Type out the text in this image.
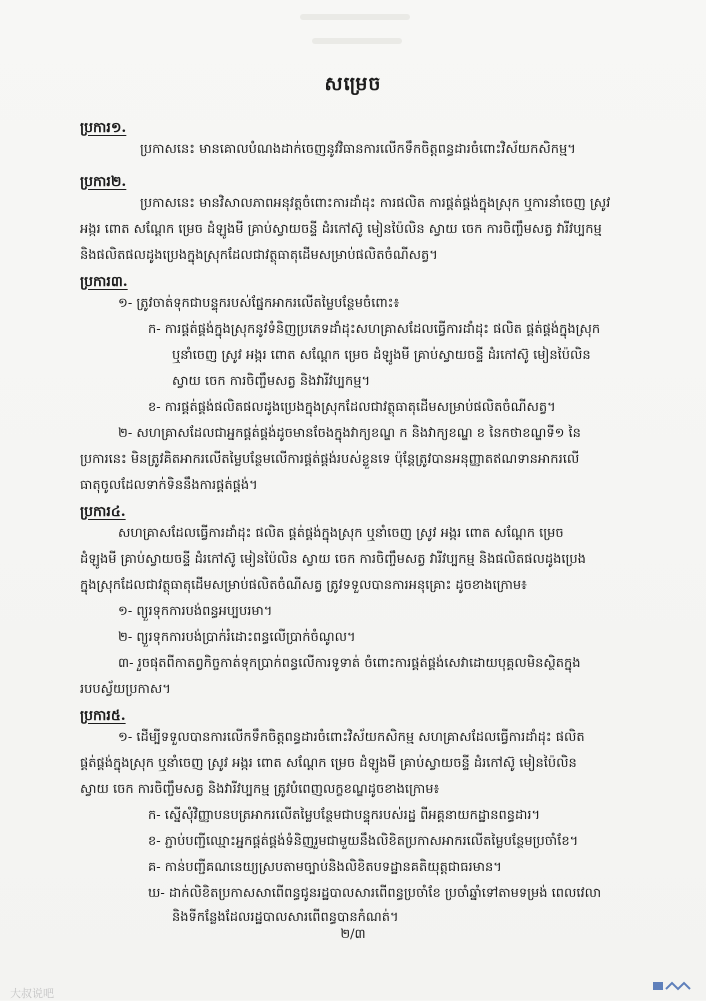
សម្រេច
ប្រការ១.
ប្រកាសនេះ មានគោលបំណងដាក់ចេញនូវវិធានការលើកទឹកចិត្តពន្ធដារចំពោះវិស័យកសិកម្ម។
ប្រការ២.
ប្រកាសនេះ មានវិសាលភាពអនុវត្តចំពោះការដាំដុះ ការផលិត ការផ្គត់ផ្គង់ក្នុងស្រុក ឬការនាំចេញ ស្រូវ
អង្ករ ពោត សណ្តែក ម្រេច ដំឡូងមី គ្រាប់ស្វាយចន្ទី ដំរកៅស៊ូ មៀនប៉ៃលិន ស្វាយ ចេក ការចិញ្ចឹមសត្វ វារីវប្បកម្ម
និងផលិតផលដូងប្រេងក្នុងស្រុកដែលជាវត្ថុធាតុដើមសម្រាប់ផលិតចំណីសត្វ។
ប្រការ៣.
១- ត្រូវចាត់ទុកជាបន្ទុករបស់ផ្នែកអាករលើតម្លៃបន្ថែមចំពោះ៖
ក- ការផ្គត់ផ្គង់ក្នុងស្រុកនូវទំនិញប្រភេទដាំដុះសហគ្រាសដែលធ្វើការដាំដុះ ផលិត ផ្គត់ផ្គង់ក្នុងស្រុក
ឬនាំចេញ ស្រូវ អង្ករ ពោត សណ្តែក ម្រេច ដំឡូងមី គ្រាប់ស្វាយចន្ទី ដំរកៅស៊ូ មៀនប៉ៃលិន
ស្វាយ ចេក ការចិញ្ចឹមសត្វ និងវារីវប្បកម្ម។
ខ- ការផ្គត់ផ្គង់ផលិតផលដូងប្រេងក្នុងស្រុកដែលជាវត្ថុធាតុដើមសម្រាប់ផលិតចំណីសត្វ។
២- សហគ្រាសដែលជាអ្នកផ្គត់ផ្គង់ដូចមានចែងក្នុងវាក្យខណ្ឌ ក និងវាក្យខណ្ឌ ខ នៃកថាខណ្ឌទី១ នៃ
ប្រការនេះ មិនត្រូវគិតអាករលើតម្លៃបន្ថែមលើការផ្គត់ផ្គង់របស់ខ្លួនទេ ប៉ុន្តែត្រូវបានអនុញ្ញាតឥណទានអាករលើ
ធាតុចូលដែលទាក់ទិននឹងការផ្គត់ផ្គង់។
ប្រការ៤.
សហគ្រាសដែលធ្វើការដាំដុះ ផលិត ផ្គត់ផ្គង់ក្នុងស្រុក ឬនាំចេញ ស្រូវ អង្ករ ពោត សណ្តែក ម្រេច
ដំឡូងមី គ្រាប់ស្វាយចន្ទី ដំរកៅស៊ូ មៀនប៉ៃលិន ស្វាយ ចេក ការចិញ្ចឹមសត្វ វារីវប្បកម្ម និងផលិតផលដូងប្រេង
ក្នុងស្រុកដែលជាវត្ថុធាតុដើមសម្រាប់ផលិតចំណីសត្វ ត្រូវទទួលបានការអនុគ្រោះ ដូចខាងក្រោម៖
១- ព្យួរទុកការបង់ពន្ធអប្បបរមា។
២- ព្យួរទុកការបង់ប្រាក់រំដោះពន្ធលើប្រាក់ចំណូល។
៣- រួចផុតពីកាតព្វកិច្ចកាត់ទុកប្រាក់ពន្ធលើការទូទាត់ ចំពោះការផ្គត់ផ្គង់សេវាដោយបុគ្គលមិនស្ថិតក្នុង
របបស្វ័យប្រកាស។
ប្រការ៥.
១- ដើម្បីទទួលបានការលើកទឹកចិត្តពន្ធដារចំពោះវិស័យកសិកម្ម សហគ្រាសដែលធ្វើការដាំដុះ ផលិត
ផ្គត់ផ្គង់ក្នុងស្រុក ឬនាំចេញ ស្រូវ អង្ករ ពោត សណ្តែក ម្រេច ដំឡូងមី គ្រាប់ស្វាយចន្ទី ដំរកៅស៊ូ មៀនប៉ៃលិន
ស្វាយ ចេក ការចិញ្ចឹមសត្វ និងវារីវប្បកម្ម ត្រូវបំពេញលក្ខខណ្ឌដូចខាងក្រោម៖
ក- ស្នើសុំវិញ្ញាបនបត្រអាករលើតម្លៃបន្ថែមជាបន្ទុករបស់រដ្ឋ ពីអគ្គនាយកដ្ឋានពន្ធដារ។
ខ- ភ្ជាប់បញ្ជីឈ្មោះអ្នកផ្គត់ផ្គង់ទំនិញរួមជាមួយនឹងលិខិតប្រកាសអាករលើតម្លៃបន្ថែមប្រចាំខែ។
គ- កាន់បញ្ជីគណនេយ្យស្របតាមច្បាប់និងលិខិតបទដ្ឋានគតិយុត្តជាធរមាន។
ឃ- ដាក់លិខិតប្រកាសសាពើពន្ធជូនរដ្ឋបាលសារពើពន្ធប្រចាំខែ ប្រចាំឆ្នាំទៅតាមទម្រង់ ពេលវេលា
និងទីកន្លែងដែលរដ្ឋបាលសារពើពន្ធបានកំណត់។
២/៣
大叔说吧
